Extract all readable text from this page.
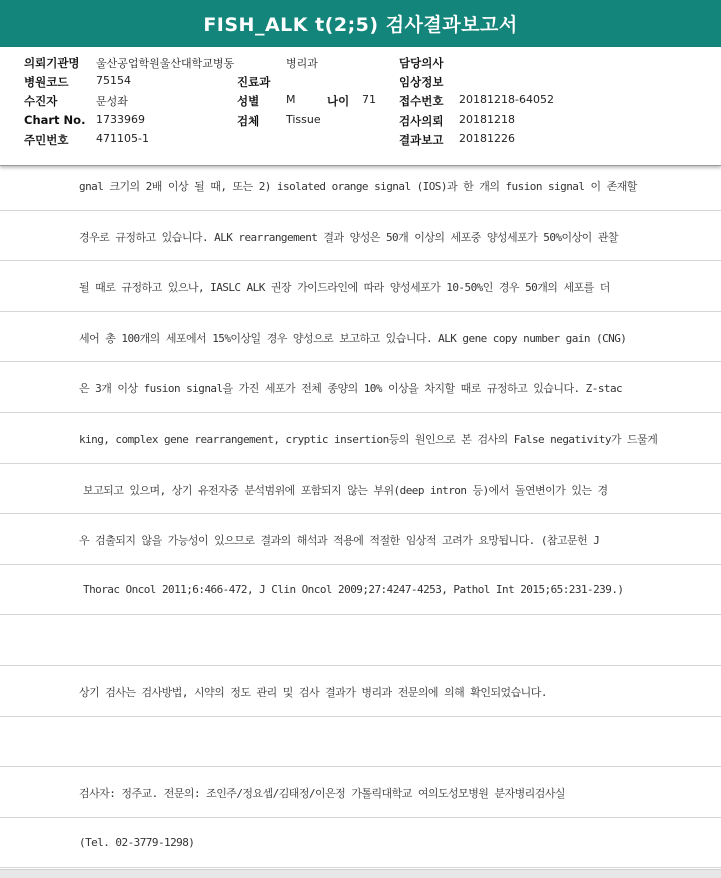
FISH_ALK t(2;5) 검사결과보고서
의뢰기관명 울산공업학원울산대학교병동	병리과	담당의사
병원코드	75154	진료과	임상정보
수진자	문성좌	성별 M	나이 71 접수번호 20181218-64052
Chart No. 1733969	검체 Tissue	검사의뢰 20181218
주민번호	471105-1	결과보고 20181226
gnal 크기의 2배 이상 될 때, 또는 2) isolated orange signal (IOS)과 한 개의 fusion signal 이 존재할
경우로 규정하고 있습니다. ALK rearrangement 결과 양성은 50개 이상의 세포중 양성세포가 50%이상이 관찰
될 때로 규정하고 있으나, IASLC ALK 권장 가이드라인에 따라 양성세포가 10-50%인 경우 50개의 세포를 더
세어 총 100개의 세포에서 15%이상일 경우 양성으로 보고하고 있습니다. ALK gene copy number gain (CNG)
은 3개 이상 fusion signal을 가진 세포가 전체 종양의 10% 이상을 차지할 때로 규정하고 있습니다. Z-stac
king, complex gene rearrangement, cryptic insertion등의 원인으로 본 검사의 False negativity가 드물게
보고되고 있으며, 상기 유전자중 분석범위에 포함되지 않는 부위(deep intron 등)에서 돌연변이가 있는 경
우 검출되지 않을 가능성이 있으므로 결과의 해석과 적용에 적절한 임상적 고려가 요망됩니다. (참고문헌 J
Thorac Oncol 2011;6:466-472, J Clin Oncol 2009;27:4247-4253, Pathol Int 2015;65:231-239.)
상기 검사는 검사방법, 시약의 정도 관리 및 검사 결과가 병리과 전문의에 의해 확인되었습니다.
검사자: 정주교. 전문의: 조인주/정요셉/김태정/이은정 가톨릭대학교 여의도성모병원 분자병리검사실
(Tel. 02-3779-1298)
